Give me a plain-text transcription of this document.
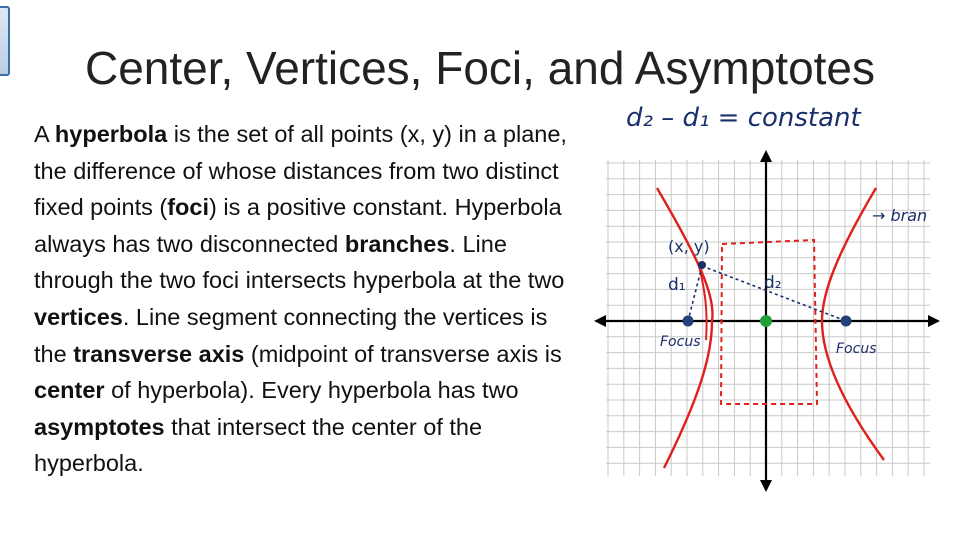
Center, Vertices, Foci, and Asymptotes
A hyperbola is the set of all points (x, y) in a plane, the difference of whose distances from two distinct fixed points (foci) is a positive constant. Hyperbola always has two disconnected branches. Line through the two foci intersects hyperbola at the two vertices. Line segment connecting the vertices is the transverse axis (midpoint of transverse axis is center of hyperbola). Every hyperbola has two asymptotes that intersect the center of the hyperbola.
d₂ – d₁ = constant
(x, y)
d₁	d₂
→ bran
Focus	Focus
